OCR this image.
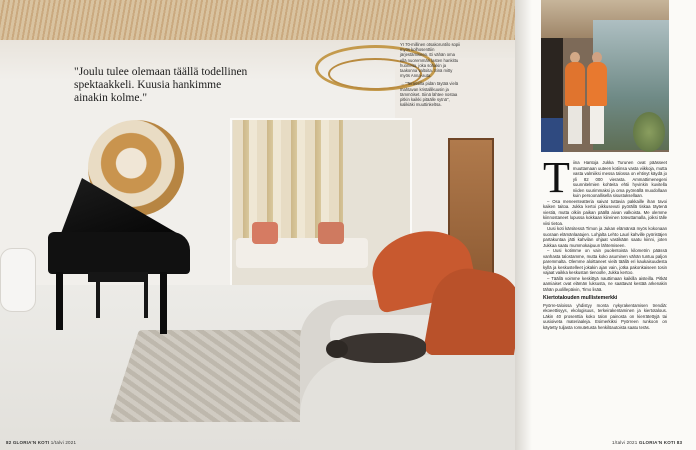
"Joulu tulee olemaan täällä todellinen spektaakkeli. Kuusia hankimme ainakin kolme."

YI 70-millinen otsakoruntilo sopii myös kolhosenttiin järjestämiseen. Ei vähän oma ellä nuoremmän lasten hankittu huoneita, joka sohakin ja taakonna valtoita. Sinä mitty myös Anna-auta.

→ "Terassilla pidän täytää vielä mahtavan kristallikuusin ja tämmöiset. Siinä lähtee nostaa pitkin kaikki pitäälle sytnä", kalikiäki muuttinkeltsa.

82 GLORIA'N KOTI 1/talvi 2021
T iina Hantoja Jukka Turunen ovat päässeet muuttamaan uuteen kotiinsa vasta viikkoja, mutta vasta valmiiksi messa talossa on ehtinyt käydä jo yli 82 000 vierasta. Ammattimenegeni suunnitelmien kohteita ehtii hyvinkin kuvitella niiden suurimmaksi ja oma pyöreällä muodollaan kuin persoonallisella sisustuksellaan.

– Osa meneenteatteria saivat tuttavia pakkaille ihan tavoi kaiken taitoa. Jukka kertoi pikkusevuti pyörällä tiskaa täytenä viestiä, mutta olkiin paikan päällä aivan valkoista. Me olemme kiinnostaneet lopussa kokkaan kiireinen toteuttamalla, joiksi tälle viisi tietoa.

Uusi koti kärsitessä Timon ja Jukan elämänsä myös kokonaan suoraan elämänlaatujen. Lohjalta Lehto Lauri kahville pyöristäjen partakuntaa jätti kahvilan ohjaat vastikään saatu kiinni, joten Jukkaa saatu mummokaipuun lähtemiseen.

– Uusi kotimme on vain puolentoista kilometrin päässä vanhasta talostamme, mutta koko asuminen vähän tuntuu paljon paremmalta. Olemme aloittaneet vielä täällä eri kaukaisuudesta kyllä ja keskustelleet jokakin ajan vain, jotka pakonkaiseen tosin vajaat vaikka keskustan tienoolle, Jukka kertoo.

– Täällä voimme keskittyä nauttimaan kaikilla aisteilla. Pitkät aamiaiset ovat elämän luksusta, ne saattavat kestää arkenakin tähän puolillepäivin, Timo lisää.

Kiertotalouden mullistemerkki

Pyörre-taloissa yhdistyy monta nykyrakentamisen trendiä: ekoeettisyys, ekologisuus, terkeirakentaminen ja kiertotalous. Läkin 40 prosenttia koko talon painosta on kierrätettyjä tai uusioiveta materiaaleja. Esimerkiksi Pyörreen runkoon on käytetty tuljasta romutetusta henkilöautoista saatu teräs.

1/talvi 2021 GLORIA'N KOTI 83
